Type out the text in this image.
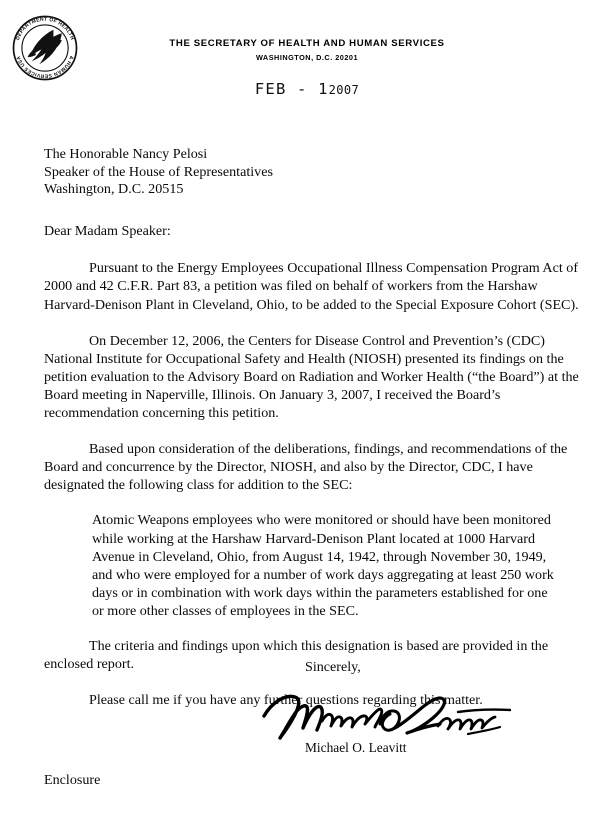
DEPARTMENT OF HEALTH
& HUMAN SERVICES USA
THE SECRETARY OF HEALTH AND HUMAN SERVICES
WASHINGTON, D.C. 20201
FEB - 12007
The Honorable Nancy Pelosi
Speaker of the House of Representatives
Washington, D.C. 20515
Dear Madam Speaker:

Pursuant to the Energy Employees Occupational Illness Compensation Program Act of 2000 and 42 C.F.R. Part 83, a petition was filed on behalf of workers from the Harshaw Harvard-Denison Plant in Cleveland, Ohio, to be added to the Special Exposure Cohort (SEC).

On December 12, 2006, the Centers for Disease Control and Prevention’s (CDC) National Institute for Occupational Safety and Health (NIOSH) presented its findings on the petition evaluation to the Advisory Board on Radiation and Worker Health (“the Board”) at the Board meeting in Naperville, Illinois. On January 3, 2007, I received the Board’s recommendation concerning this petition.

Based upon consideration of the deliberations, findings, and recommendations of the Board and concurrence by the Director, NIOSH, and also by the Director, CDC, I have designated the following class for addition to the SEC:

Atomic Weapons employees who were monitored or should have been monitored while working at the Harshaw Harvard-Denison Plant located at 1000 Harvard Avenue in Cleveland, Ohio, from August 14, 1942, through November 30, 1949, and who were employed for a number of work days aggregating at least 250 work days or in combination with work days within the parameters established for one or more other classes of employees in the SEC.

The criteria and findings upon which this designation is based are provided in the enclosed report.

Please call me if you have any further questions regarding this matter.

Sincerely,
Michael O. Leavitt
Enclosure
